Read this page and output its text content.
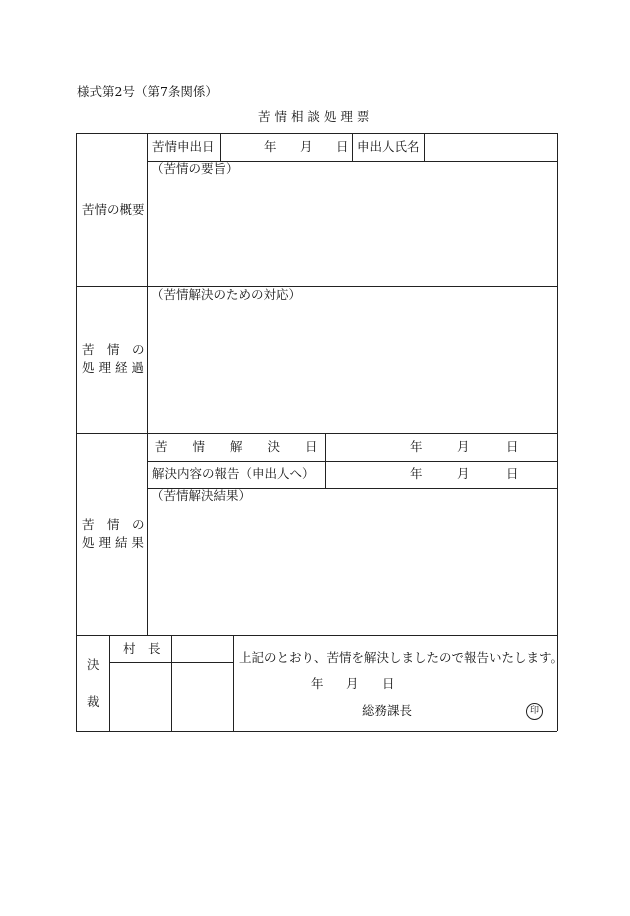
様式第2号（第7条関係）
苦 情 相 談 処 理 票
苦情の概要
苦情申出日	年 月 日 申出人氏名
（苦情の要旨）
苦　情　の
処 理 経 過
（苦情解決のための対応）
苦　情　の
処 理 結 果
苦　　情　　解　　決　　日	年	月	日
解決内容の報告（申出人へ）	年	月	日
（苦情解決結果）
決
裁
村　長
上記のとおり、苦情を解決しましたので報告いたします。
年 月 日
総務課長	印
